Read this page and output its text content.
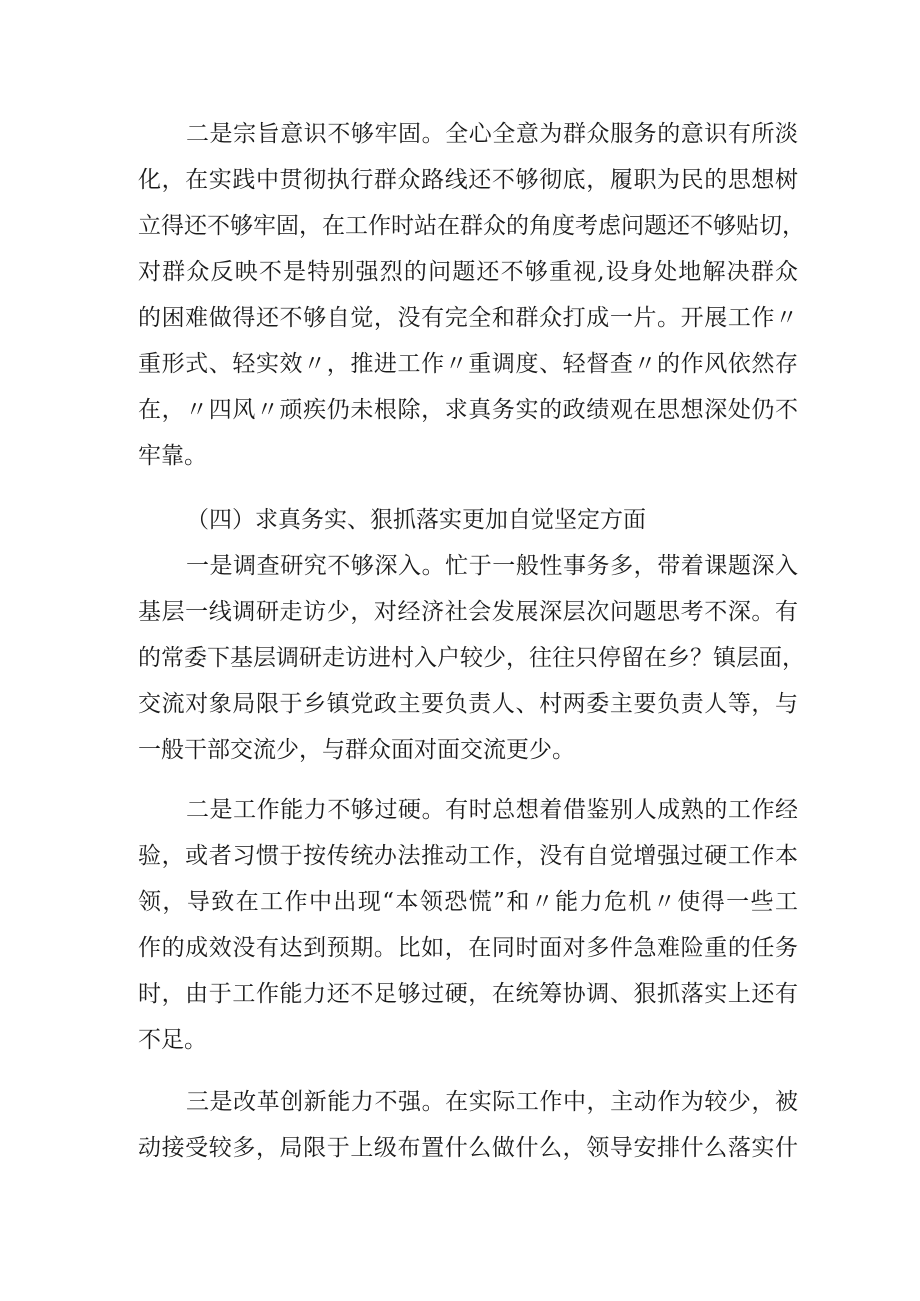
二是宗旨意识不够牢固。全心全意为群众服务的意识有所淡

化，在实践中贯彻执行群众路线还不够彻底，履职为民的思想树

立得还不够牢固，在工作时站在群众的角度考虑问题还不够贴切，

对群众反映不是特别强烈的问题还不够重视,设身处地解决群众

的困难做得还不够自觉，没有完全和群众打成一片。开展工作〃

重形式、轻实效〃，推进工作〃重调度、轻督查〃的作风依然存

在，〃四风〃顽疾仍未根除，求真务实的政绩观在思想深处仍不

牢靠。

（四）求真务实、狠抓落实更加自觉坚定方面

一是调查研究不够深入。忙于一般性事务多，带着课题深入

基层一线调研走访少，对经济社会发展深层次问题思考不深。有

的常委下基层调研走访进村入户较少，往往只停留在乡？镇层面，

交流对象局限于乡镇党政主要负责人、村两委主要负责人等，与

一般干部交流少，与群众面对面交流更少。

二是工作能力不够过硬。有时总想着借鉴别人成熟的工作经

验，或者习惯于按传统办法推动工作，没有自觉增强过硬工作本

领，导致在工作中出现“本领恐慌”和〃能力危机〃使得一些工

作的成效没有达到预期。比如，在同时面对多件急难险重的任务

时，由于工作能力还不足够过硬，在统筹协调、狠抓落实上还有

不足。

三是改革创新能力不强。在实际工作中，主动作为较少，被

动接受较多，局限于上级布置什么做什么，领导安排什么落实什
